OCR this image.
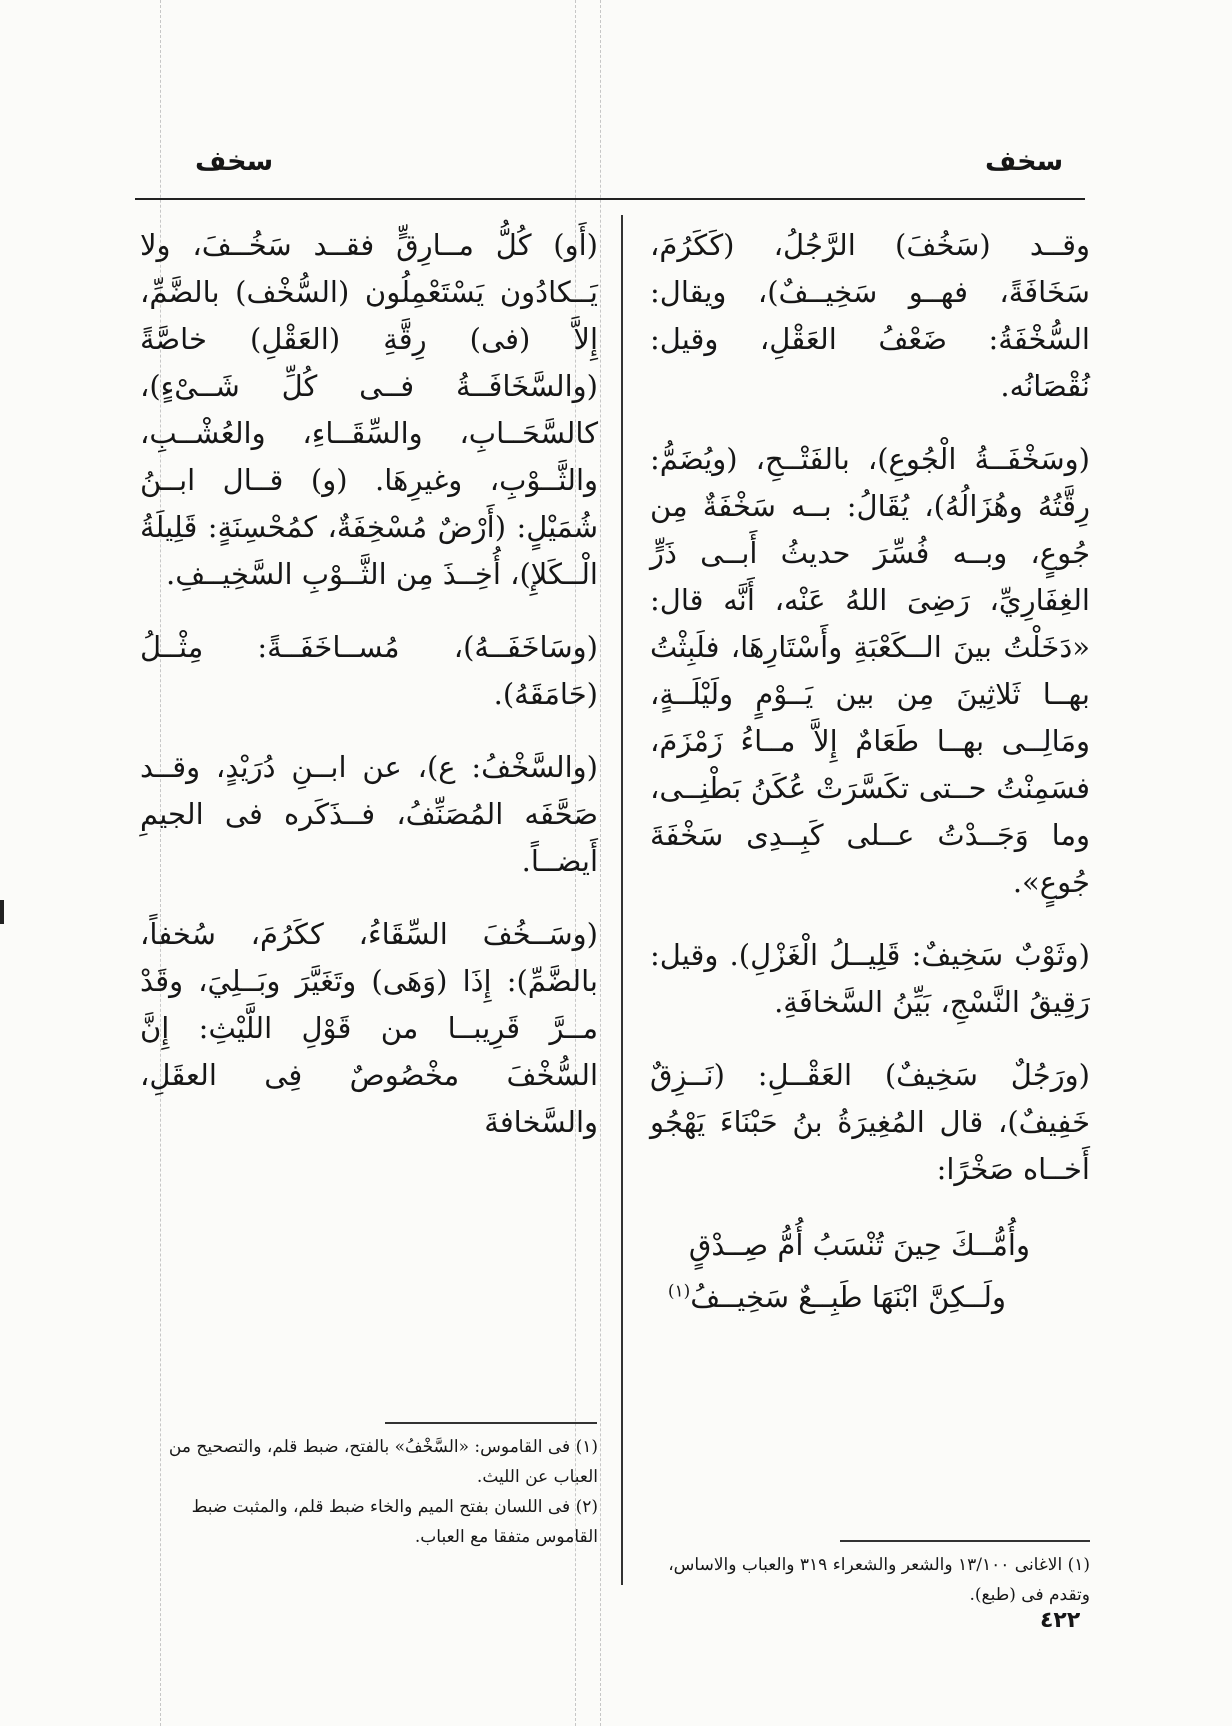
سخف
سخف

وقــد (سَخُفَ) الرَّجُلُ، (كَكَرُمَ، سَخَافَةً، فهــو سَخِيــفٌ)، ويقال: السُّخْفَةُ: ضَعْفُ العَقْلِ، وقيل: نُقْصَانُه.

(وسَخْفَــةُ الْجُوعِ)، بالفَتْــحِ، (ويُضَمُّ: رِقَّتُهُ وهُزَالُهُ)، يُقَالُ: بــه سَخْفَةٌ مِن جُوعٍ، وبــه فُسِّرَ حديثُ أَبــى ذَرٍّ الغِفَارِيِّ، رَضِىَ اللهُ عَنْه، أَنَّه قال: «دَخَلْتُ بينَ الــكَعْبَةِ وأَسْتَارِهَا، فلَبِثْتُ بهــا ثَلاثِينَ مِن بين يَــوْمٍ ولَيْلَــةٍ، ومَالِــى بهــا طَعَامٌ إِلاَّ مــاءُ زَمْزَمَ، فسَمِنْتُ حــتى تكَسَّرَتْ عُكَنُ بَطْنِــى، وما وَجَــدْتُ عــلى كَبِــدِى سَخْفَةَ جُوعٍ».

(وثَوْبٌ سَخِيفٌ: قَلِيــلُ الْغَزْلِ). وقيل: رَقِيقُ النَّسْجِ، بَيِّنُ السَّخافَةِ.

(ورَجُلٌ سَخِيفٌ) العَقْــلِ: (نَــزِقٌ خَفِيفٌ)، قال المُغِيرَةُ بنُ حَبْنَاءَ يَهْجُو أَخــاه صَخْرًا:

وأُمُّــكَ حِينَ تُنْسَبُ أُمُّ صِــدْقٍ
ولَــكِنَّ ابْنَهَا طَبِــعٌ سَخِيــفُ$^{(١)}$

(أَو) كُلُّ مــارِقٍّ فقــد سَخُــفَ، ولا يَــكادُون يَسْتَعْمِلُون (السُّخْف) بالضَّمِّ، إِلاَّ (فى) رِقَّةِ (العَقْلِ) خاصَّةً (والسَّخَافَــةُ فــى كُلِّ شَــىْءٍ)، كالسَّحَــابِ، والسِّقَــاءِ، والعُشْــبِ، والثَّــوْبِ، وغيرِهَا. (و) قــال ابــنُ شُمَيْلٍ: (أَرْضٌ مُسْخِفَةٌ، كمُحْسِنَةٍ: قَلِيلَةُ الْــكَلإِ)، أُخِــذَ مِن الثَّــوْبِ السَّخِيــفِ.

(وسَاخَفَــهُ)، مُســاخَفَــةً: مِثْــلُ (حَامَقَهُ).

(والسَّخْفُ: ع)، عن ابــنِ دُرَيْدٍ، وقــد صَحَّفَه المُصَنِّفُ، فــذَكَره فى الجيمِ أَيضــاً.

(وسَــخُفَ السِّقَاءُ، ككَرُمَ، سُخفاً، بالضَّمِّ): إِذَا (وَهَى) وتَغَيَّرَ وبَــلِيَ، وقَدْ مــرَّ قَرِيبــا من قَوْلِ اللَّيْثِ: إِنَّ السُّخْفَ مخْصُوصٌ فِى العقَلِ، والسَّخافةَ

(١) فى القاموس: «السَّخْفُ» بالفتح، ضبط قلم، والتصحيح من العباب عن الليث.

(٢) فى اللسان بفتح الميم والخاء ضبط قلم، والمثبت ضبط القاموس متفقا مع العباب.

(١) الاغانى ١٣/١٠٠ والشعر والشعراء ٣١٩ والعباب والاساس، وتقدم فى (طبع).

٤٢٢
